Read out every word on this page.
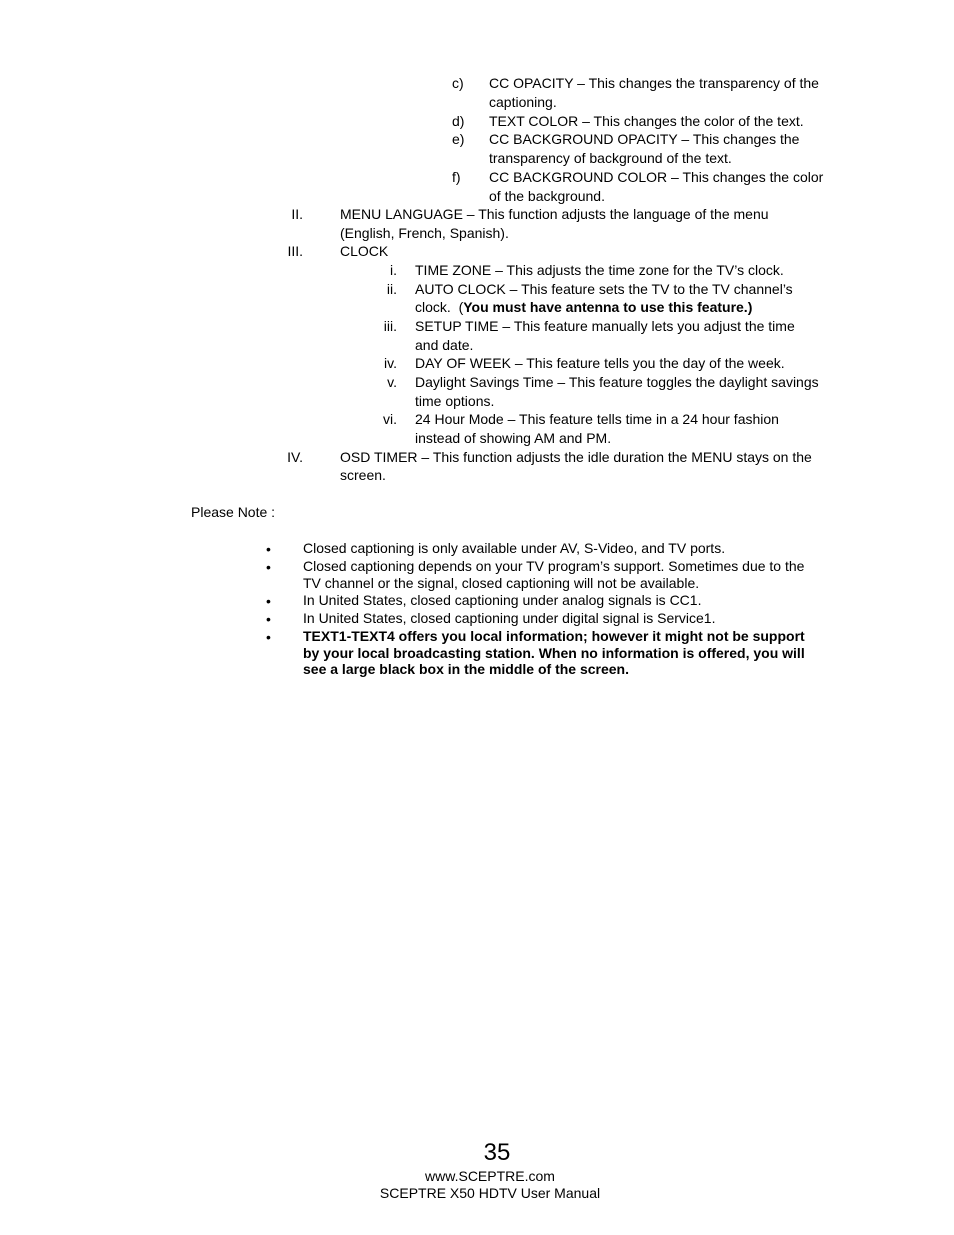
c) CC OPACITY – This changes the transparency of the
captioning.
d) TEXT COLOR – This changes the color of the text.
e) CC BACKGROUND OPACITY – This changes the
transparency of background of the text.
f) CC BACKGROUND COLOR – This changes the color
of the background.
II.	MENU LANGUAGE – This function adjusts the language of the menu
(English, French, Spanish).
III.	CLOCK
i. TIME ZONE – This adjusts the time zone for the TV’s clock.
ii. AUTO CLOCK – This feature sets the TV to the TV channel’s
clock.  (You must have antenna to use this feature.)
iii. SETUP TIME – This feature manually lets you adjust the time
and date.
iv. DAY OF WEEK – This feature tells you the day of the week.
v. Daylight Savings Time – This feature toggles the daylight savings
time options.
vi. 24 Hour Mode – This feature tells time in a 24 hour fashion
instead of showing AM and PM.
IV.	OSD TIMER – This function adjusts the idle duration the MENU stays on the
screen.
Please Note :
• Closed captioning is only available under AV, S-Video, and TV ports.
• Closed captioning depends on your TV program’s support. Sometimes due to the
TV channel or the signal, closed captioning will not be available.
• In United States, closed captioning under analog signals is CC1.
• In United States, closed captioning under digital signal is Service1.
• TEXT1-TEXT4 offers you local information; however it might not be support
by your local broadcasting station. When no information is offered, you will
see a large black box in the middle of the screen.
35
www.SCEPTRE.com
SCEPTRE X50 HDTV User Manual
